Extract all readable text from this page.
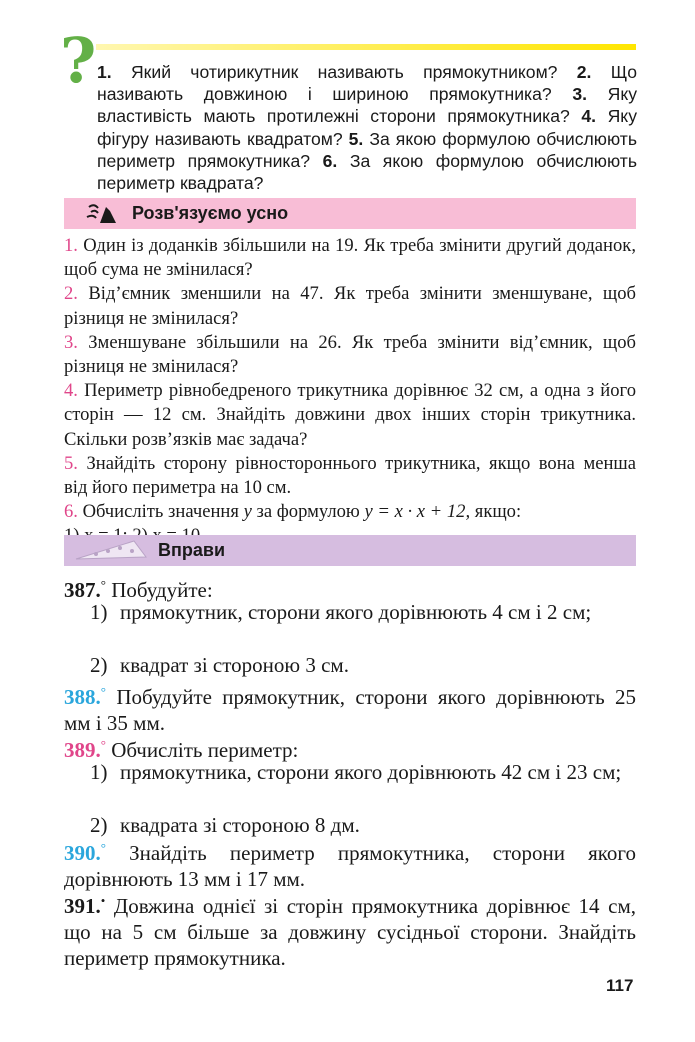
? 1. Який чотирикутник називають прямокутником? 2. Що називають довжиною і шириною прямокутника? 3. Яку властивість мають протилежні сторони прямокутника? 4. Яку фігуру називають квадратом? 5. За якою формулою обчислюють периметр прямокутника? 6. За якою формулою обчислюють периметр квадрата?
Розв'язуємо усно

1. Один із доданків збільшили на 19. Як треба змінити другий доданок, щоб сума не змінилася?

2. Від’ємник зменшили на 47. Як треба змінити зменшуване, щоб різниця не змінилася?

3. Зменшуване збільшили на 26. Як треба змінити від’ємник, щоб різниця не змінилася?

4. Периметр рівнобедреного трикутника дорівнює 32 см, а одна з його сторін — 12 см. Знайдіть довжини двох інших сторін трикутника. Скільки розв’язків має задача?

5. Знайдіть сторону рівностороннього трикутника, якщо вона менша від його периметра на 10 см.

6. Обчисліть значення y за формулою y = x · x + 12, якщо:

Вправи

387.° Побудуйте:

1) прямокутник, сторони якого дорівнюють 4 см і 2 см;
2) квадрат зі стороною 3 см.

388.° Побудуйте прямокутник, сторони якого дорівнюють 25 мм і 35 мм.

389.° Обчисліть периметр:

1) прямокутника, сторони якого дорівнюють 42 см і 23 см;
2) квадрата зі стороною 8 дм.

390.° Знайдіть периметр прямокутника, сторони якого дорівнюють 13 мм і 17 мм.

391.• Довжина однієї зі сторін прямокутника дорівнює 14 см, що на 5 см більше за довжину сусідньої сторони. Знайдіть периметр прямокутника.

117
